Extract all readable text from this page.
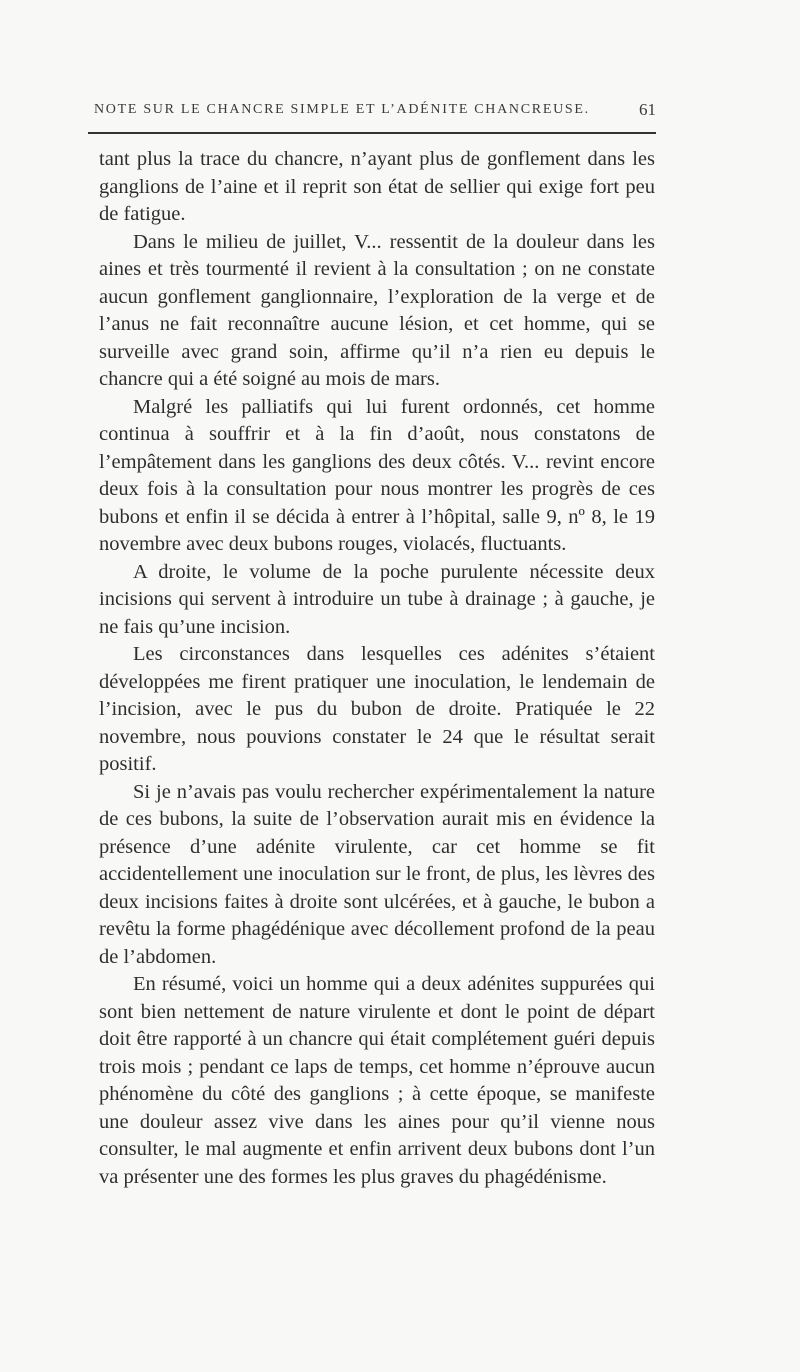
NOTE SUR LE CHANCRE SIMPLE ET L’ADÉNITE CHANCREUSE.	61

tant plus la trace du chancre, n’ayant plus de gonflement dans les ganglions de l’aine et il reprit son état de sellier qui exige fort peu de fatigue.

Dans le milieu de juillet, V... ressentit de la douleur dans les aines et très tourmenté il revient à la consultation ; on ne constate aucun gonflement ganglionnaire, l’exploration de la verge et de l’anus ne fait reconnaître aucune lésion, et cet homme, qui se surveille avec grand soin, affirme qu’il n’a rien eu depuis le chancre qui a été soigné au mois de mars.

Malgré les palliatifs qui lui furent ordonnés, cet homme continua à souffrir et à la fin d’août, nous constatons de l’empâtement dans les ganglions des deux côtés. V... revint encore deux fois à la consultation pour nous montrer les progrès de ces bubons et enfin il se décida à entrer à l’hôpital, salle 9, nº 8, le 19 novembre avec deux bubons rouges, violacés, fluctuants.

A droite, le volume de la poche purulente nécessite deux incisions qui servent à introduire un tube à drainage ; à gauche, je ne fais qu’une incision.

Les circonstances dans lesquelles ces adénites s’étaient développées me firent pratiquer une inoculation, le lendemain de l’incision, avec le pus du bubon de droite. Pratiquée le 22 novembre, nous pouvions constater le 24 que le résultat serait positif.

Si je n’avais pas voulu rechercher expérimentalement la nature de ces bubons, la suite de l’observation aurait mis en évidence la présence d’une adénite virulente, car cet homme se fit accidentellement une inoculation sur le front, de plus, les lèvres des deux incisions faites à droite sont ulcérées, et à gauche, le bubon a revêtu la forme phagédénique avec décollement profond de la peau de l’abdomen.

En résumé, voici un homme qui a deux adénites suppurées qui sont bien nettement de nature virulente et dont le point de départ doit être rapporté à un chancre qui était complétement guéri depuis trois mois ; pendant ce laps de temps, cet homme n’éprouve aucun phénomène du côté des ganglions ; à cette époque, se manifeste une douleur assez vive dans les aines pour qu’il vienne nous consulter, le mal augmente et enfin arrivent deux bubons dont l’un va présenter une des formes les plus graves du phagédénisme.
